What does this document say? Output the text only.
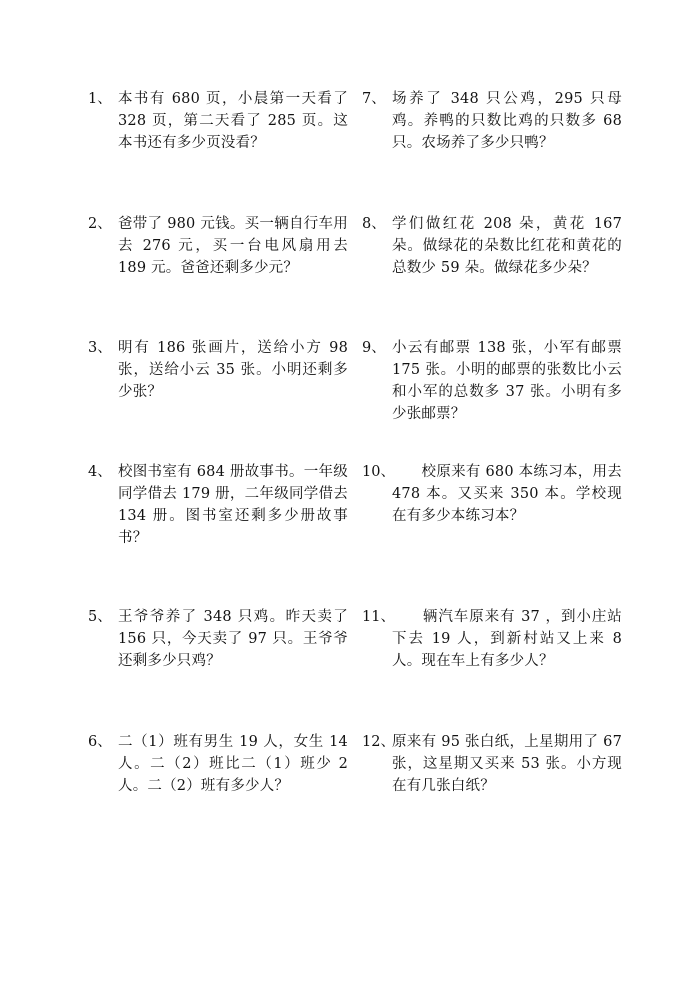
1、 本书有 680 页，小晨第一天看了 328 页，第二天看了 285 页。这本书还有多少页没看？
2、 爸带了 980 元钱。买一辆自行车用去 276 元，买一台电风扇用去 189 元。爸爸还剩多少元？
3、 明有 186 张画片，送给小方 98 张，送给小云 35 张。小明还剩多少张？
4、 校图书室有 684 册故事书。一年级同学借去 179 册，二年级同学借去 134 册。图书室还剩多少册故事书？
5、 王爷爷养了 348 只鸡。昨天卖了 156 只，今天卖了 97 只。王爷爷还剩多少只鸡？
6、 二（1）班有男生 19 人，女生 14 人。二（2）班比二（1）班少 2 人。二（2）班有多少人？
7、 场养了 348 只公鸡，295 只母鸡。养鸭的只数比鸡的只数多 68 只。农场养了多少只鸭？
8、 学们做红花 208 朵，黄花 167 朵。做绿花的朵数比红花和黄花的总数少 59 朵。做绿花多少朵？
9、 小云有邮票 138 张，小军有邮票 175 张。小明的邮票的张数比小云和小军的总数多 37 张。小明有多少张邮票？
10、
　　校原来有 680 本练习本，用去 478 本。又买来 350 本。学校现在有多少本练习本？
11、
　　辆汽车原来有 37 ，到小庄站下去 19 人，到新村站又上来 8 人。现在车上有多少人？
12、
原来有 95 张白纸，上星期用了 67 张，这星期又买来 53 张。小方现在有几张白纸？
